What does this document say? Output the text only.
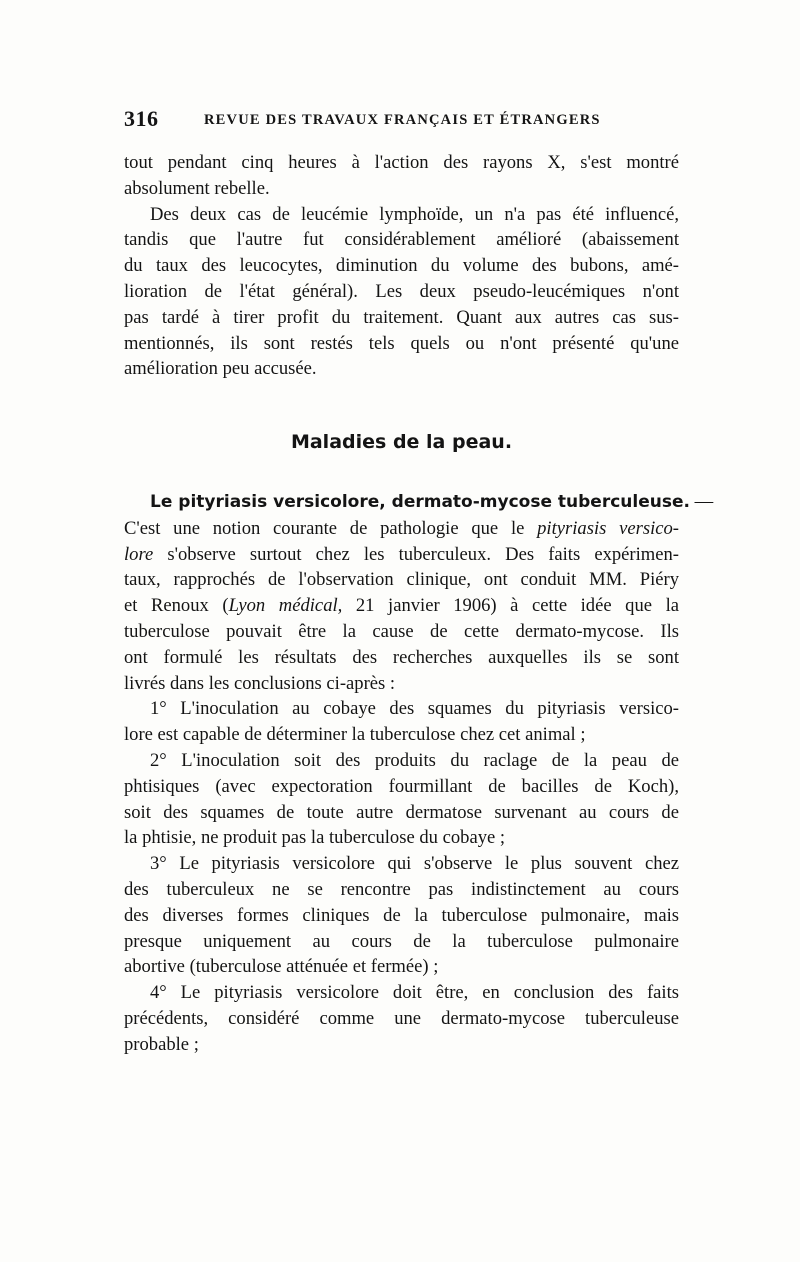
316	REVUE DES TRAVAUX FRANÇAIS ET ÉTRANGERS
tout pendant cinq heures à l'action des rayons X, s'est montré
absolument rebelle.
Des deux cas de leucémie lymphoïde, un n'a pas été influencé,
tandis que l'autre fut considérablement amélioré (abaissement
du taux des leucocytes, diminution du volume des bubons, amé-
lioration de l'état général). Les deux pseudo-leucémiques n'ont
pas tardé à tirer profit du traitement. Quant aux autres cas sus-
mentionnés, ils sont restés tels quels ou n'ont présenté qu'une
amélioration peu accusée.
Maladies de la peau.
Le pityriasis versicolore, dermato-mycose tuberculeuse. —
C'est une notion courante de pathologie que le pityriasis versico-
lore s'observe surtout chez les tuberculeux. Des faits expérimen-
taux, rapprochés de l'observation clinique, ont conduit MM. Piéry
et Renoux (Lyon médical, 21 janvier 1906) à cette idée que la
tuberculose pouvait être la cause de cette dermato-mycose. Ils
ont formulé les résultats des recherches auxquelles ils se sont
livrés dans les conclusions ci-après :
1° L'inoculation au cobaye des squames du pityriasis versico-
lore est capable de déterminer la tuberculose chez cet animal ;
2° L'inoculation soit des produits du raclage de la peau de
phtisiques (avec expectoration fourmillant de bacilles de Koch),
soit des squames de toute autre dermatose survenant au cours de
la phtisie, ne produit pas la tuberculose du cobaye ;
3° Le pityriasis versicolore qui s'observe le plus souvent chez
des tuberculeux ne se rencontre pas indistinctement au cours
des diverses formes cliniques de la tuberculose pulmonaire, mais
presque uniquement au cours de la tuberculose pulmonaire
abortive (tuberculose atténuée et fermée) ;
4° Le pityriasis versicolore doit être, en conclusion des faits
précédents, considéré comme une dermato-mycose tuberculeuse
probable ;
